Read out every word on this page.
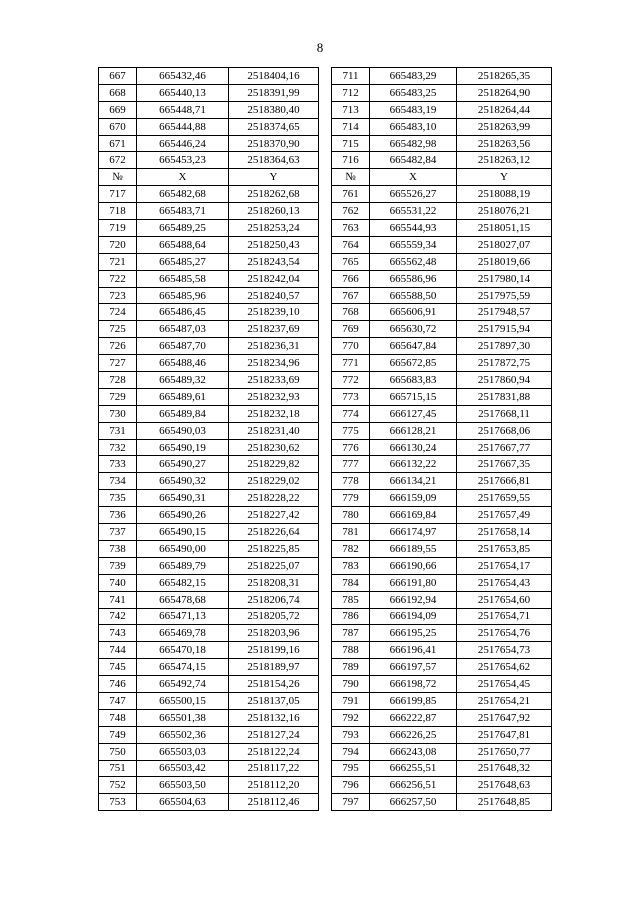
8
667	665432,46	2518404,16		711	665483,29	2518265,35
668	665440,13	2518391,99		712	665483,25	2518264,90
669	665448,71	2518380,40		713	665483,19	2518264,44
670	665444,88	2518374,65		714	665483,10	2518263,99
671	665446,24	2518370,90		715	665482,98	2518263,56
672	665453,23	2518364,63		716	665482,84	2518263,12
№	X	Y		№	X	Y
717	665482,68	2518262,68		761	665526,27	2518088,19
718	665483,71	2518260,13		762	665531,22	2518076,21
719	665489,25	2518253,24		763	665544,93	2518051,15
720	665488,64	2518250,43		764	665559,34	2518027,07
721	665485,27	2518243,54		765	665562,48	2518019,66
722	665485,58	2518242,04		766	665586,96	2517980,14
723	665485,96	2518240,57		767	665588,50	2517975,59
724	665486,45	2518239,10		768	665606,91	2517948,57
725	665487,03	2518237,69		769	665630,72	2517915,94
726	665487,70	2518236,31		770	665647,84	2517897,30
727	665488,46	2518234,96		771	665672,85	2517872,75
728	665489,32	2518233,69		772	665683,83	2517860,94
729	665489,61	2518232,93		773	665715,15	2517831,88
730	665489,84	2518232,18		774	666127,45	2517668,11
731	665490,03	2518231,40		775	666128,21	2517668,06
732	665490,19	2518230,62		776	666130,24	2517667,77
733	665490,27	2518229,82		777	666132,22	2517667,35
734	665490,32	2518229,02		778	666134,21	2517666,81
735	665490,31	2518228,22		779	666159,09	2517659,55
736	665490,26	2518227,42		780	666169,84	2517657,49
737	665490,15	2518226,64		781	666174,97	2517658,14
738	665490,00	2518225,85		782	666189,55	2517653,85
739	665489,79	2518225,07		783	666190,66	2517654,17
740	665482,15	2518208,31		784	666191,80	2517654,43
741	665478,68	2518206,74		785	666192,94	2517654,60
742	665471,13	2518205,72		786	666194,09	2517654,71
743	665469,78	2518203,96		787	666195,25	2517654,76
744	665470,18	2518199,16		788	666196,41	2517654,73
745	665474,15	2518189,97		789	666197,57	2517654,62
746	665492,74	2518154,26		790	666198,72	2517654,45
747	665500,15	2518137,05		791	666199,85	2517654,21
748	665501,38	2518132,16		792	666222,87	2517647,92
749	665502,36	2518127,24		793	666226,25	2517647,81
750	665503,03	2518122,24		794	666243,08	2517650,77
751	665503,42	2518117,22		795	666255,51	2517648,32
752	665503,50	2518112,20		796	666256,51	2517648,63
753	665504,63	2518112,46		797	666257,50	2517648,85
